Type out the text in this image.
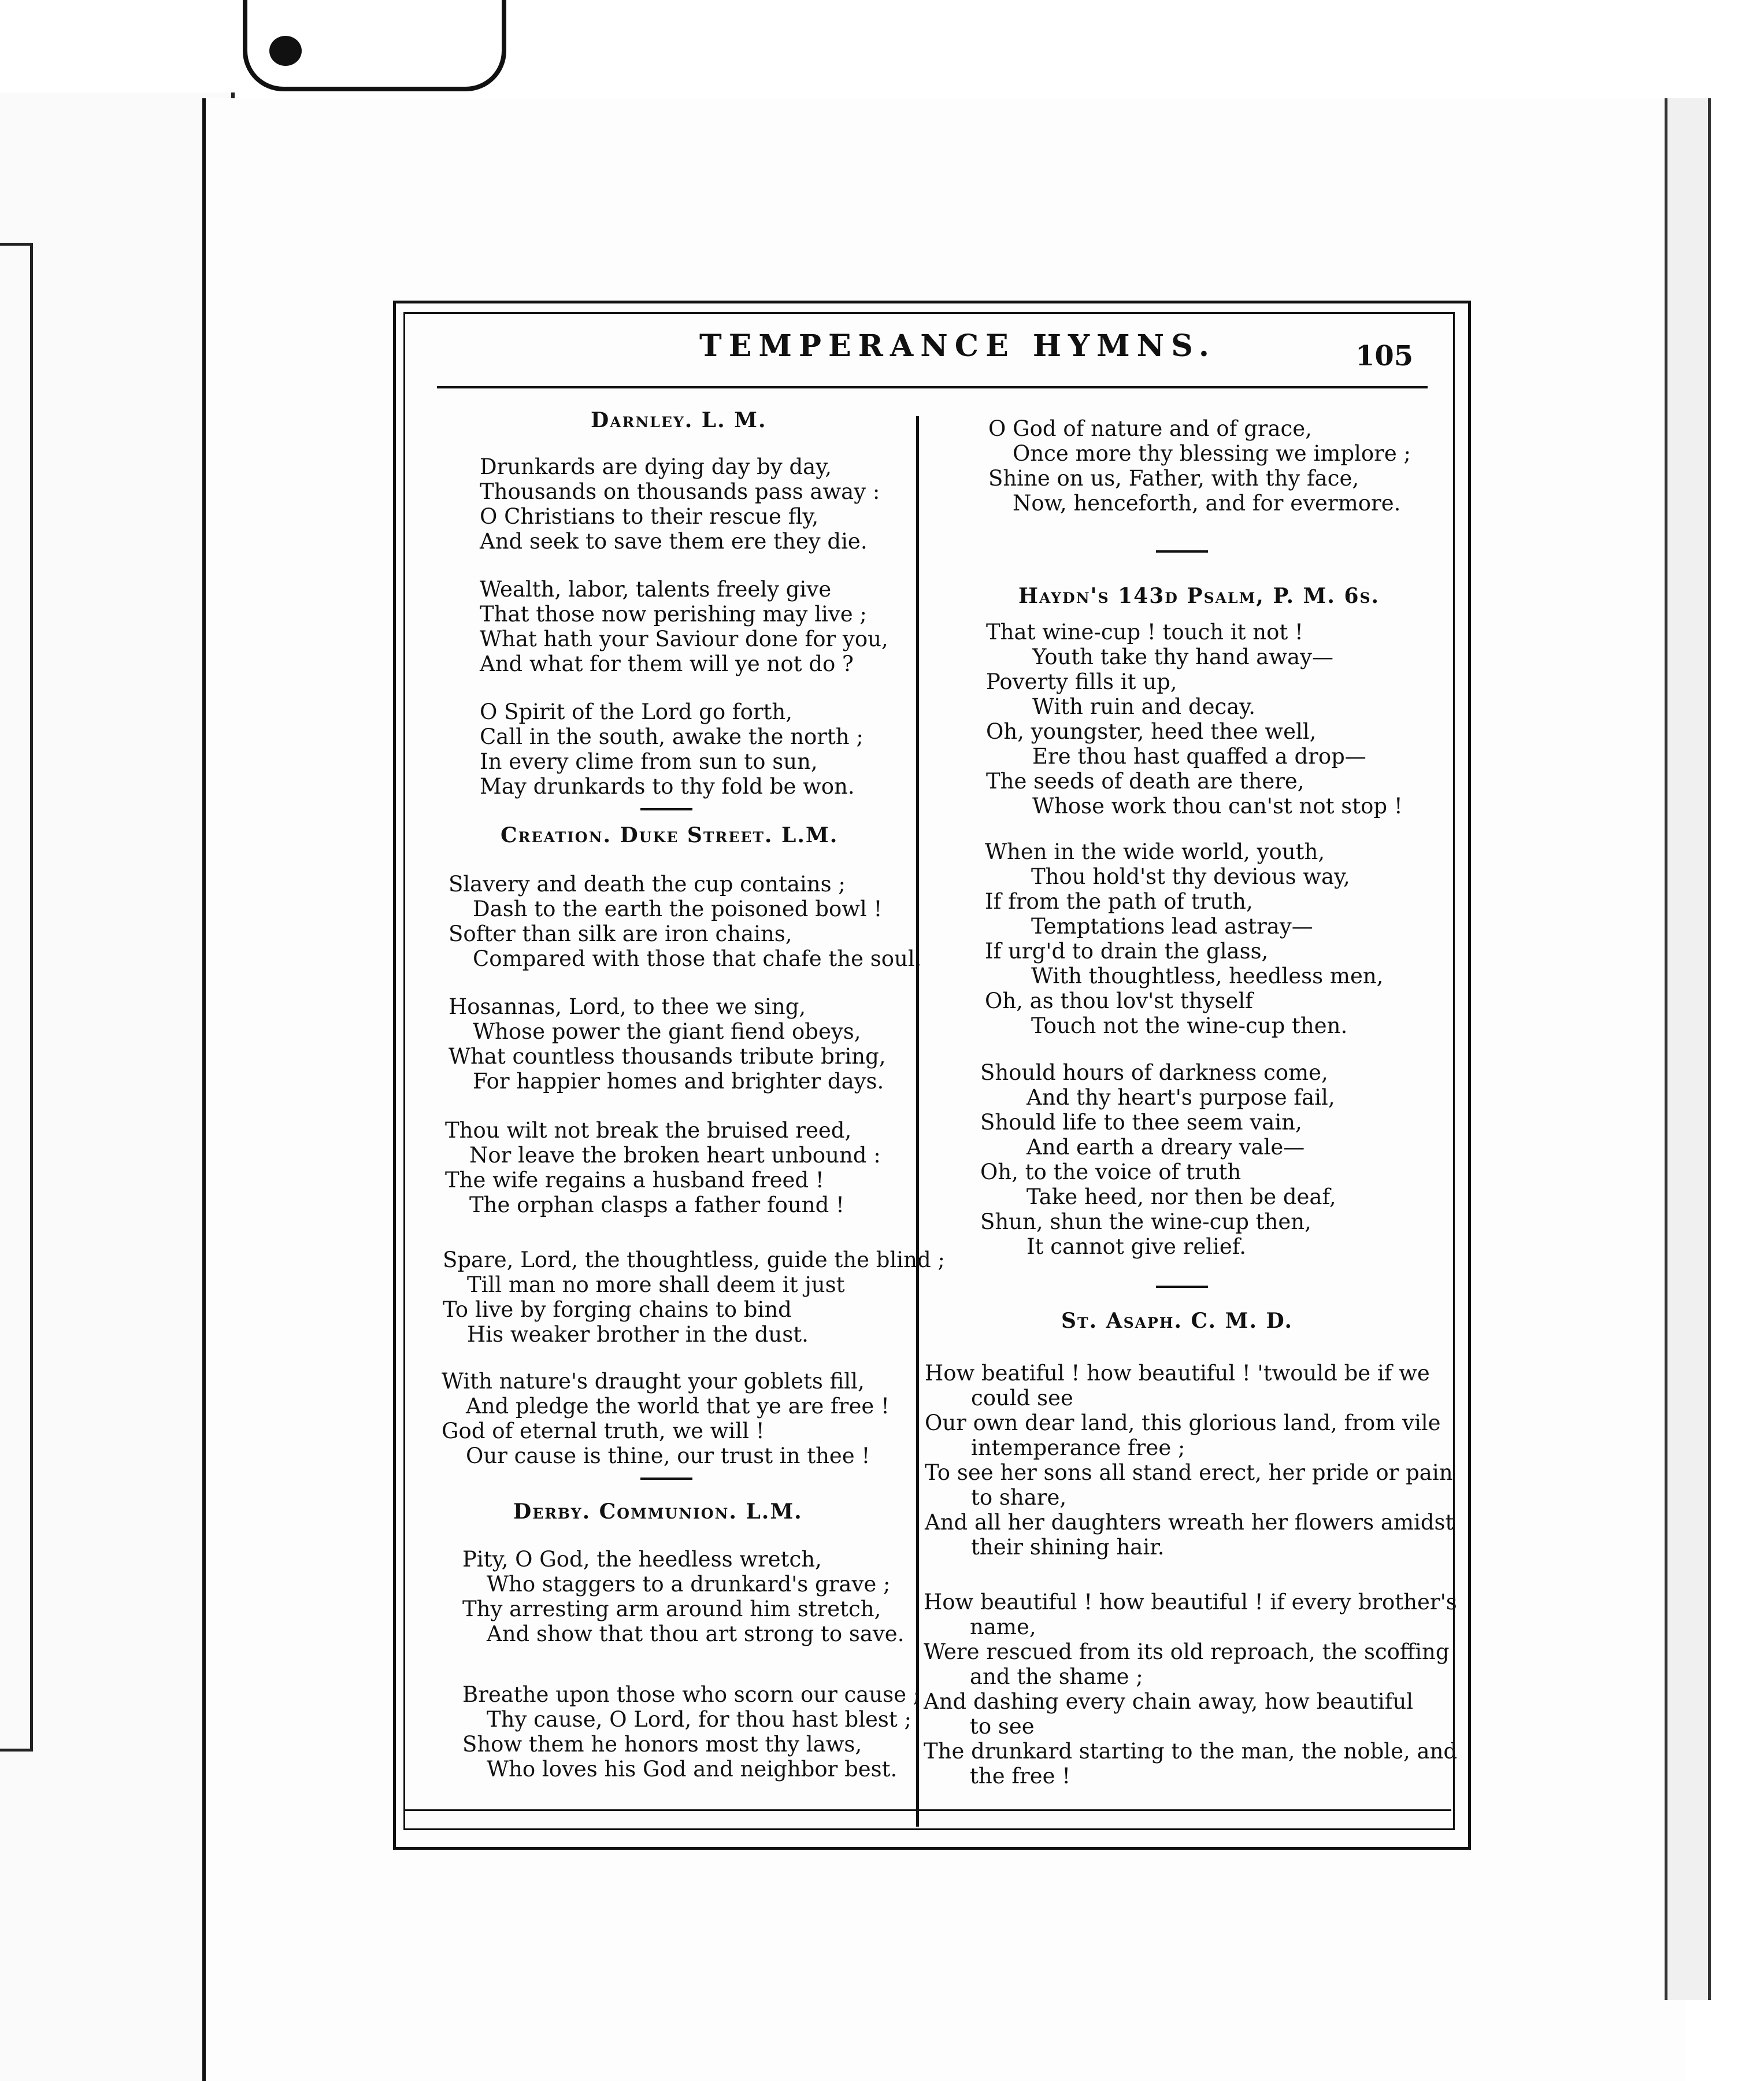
TEMPERANCE HYMNS.	105
Darnley. L. M.
Drunkards are dying day by day,
Thousands on thousands pass away :
O Christians to their rescue fly,
And seek to save them ere they die.
Wealth, labor, talents freely give
That those now perishing may live ;
What hath your Saviour done for you,
And what for them will ye not do ?
O Spirit of the Lord go forth,
Call in the south, awake the north ;
In every clime from sun to sun,
May drunkards to thy fold be won.
Creation. Duke Street. L.M.
Slavery and death the cup contains ;
Dash to the earth the poisoned bowl !
Softer than silk are iron chains,
Compared with those that chafe the soul.
Hosannas, Lord, to thee we sing,
Whose power the giant fiend obeys,
What countless thousands tribute bring,
For happier homes and brighter days.
Thou wilt not break the bruised reed,
Nor leave the broken heart unbound :
The wife regains a husband freed !
The orphan clasps a father found !
Spare, Lord, the thoughtless, guide the blind ;
Till man no more shall deem it just
To live by forging chains to bind
His weaker brother in the dust.
With nature's draught your goblets fill,
And pledge the world that ye are free !
God of eternal truth, we will !
Our cause is thine, our trust in thee !
Derby. Communion. L.M.
Pity, O God, the heedless wretch,
Who staggers to a drunkard's grave ;
Thy arresting arm around him stretch,
And show that thou art strong to save.
Breathe upon those who scorn our cause ;
Thy cause, O Lord, for thou hast blest ;
Show them he honors most thy laws,
Who loves his God and neighbor best.
O God of nature and of grace,
Once more thy blessing we implore ;
Shine on us, Father, with thy face,
Now, henceforth, and for evermore.
Haydn's 143d Psalm, P. M. 6s.
That wine-cup ! touch it not !
Youth take thy hand away—
Poverty fills it up,
With ruin and decay.
Oh, youngster, heed thee well,
Ere thou hast quaffed a drop—
The seeds of death are there,
Whose work thou can'st not stop !
When in the wide world, youth,
Thou hold'st thy devious way,
If from the path of truth,
Temptations lead astray—
If urg'd to drain the glass,
With thoughtless, heedless men,
Oh, as thou lov'st thyself
Touch not the wine-cup then.
Should hours of darkness come,
And thy heart's purpose fail,
Should life to thee seem vain,
And earth a dreary vale—
Oh, to the voice of truth
Take heed, nor then be deaf,
Shun, shun the wine-cup then,
It cannot give relief.
St. Asaph. C. M. D.
How beatiful ! how beautiful ! 'twould be if we
could see
Our own dear land, this glorious land, from vile
intemperance free ;
To see her sons all stand erect, her pride or pain
to share,
And all her daughters wreath her flowers amidst
their shining hair.
How beautiful ! how beautiful ! if every brother's
name,
Were rescued from its old reproach, the scoffing
and the shame ;
And dashing every chain away, how beautiful
to see
The drunkard starting to the man, the noble, and
the free !
